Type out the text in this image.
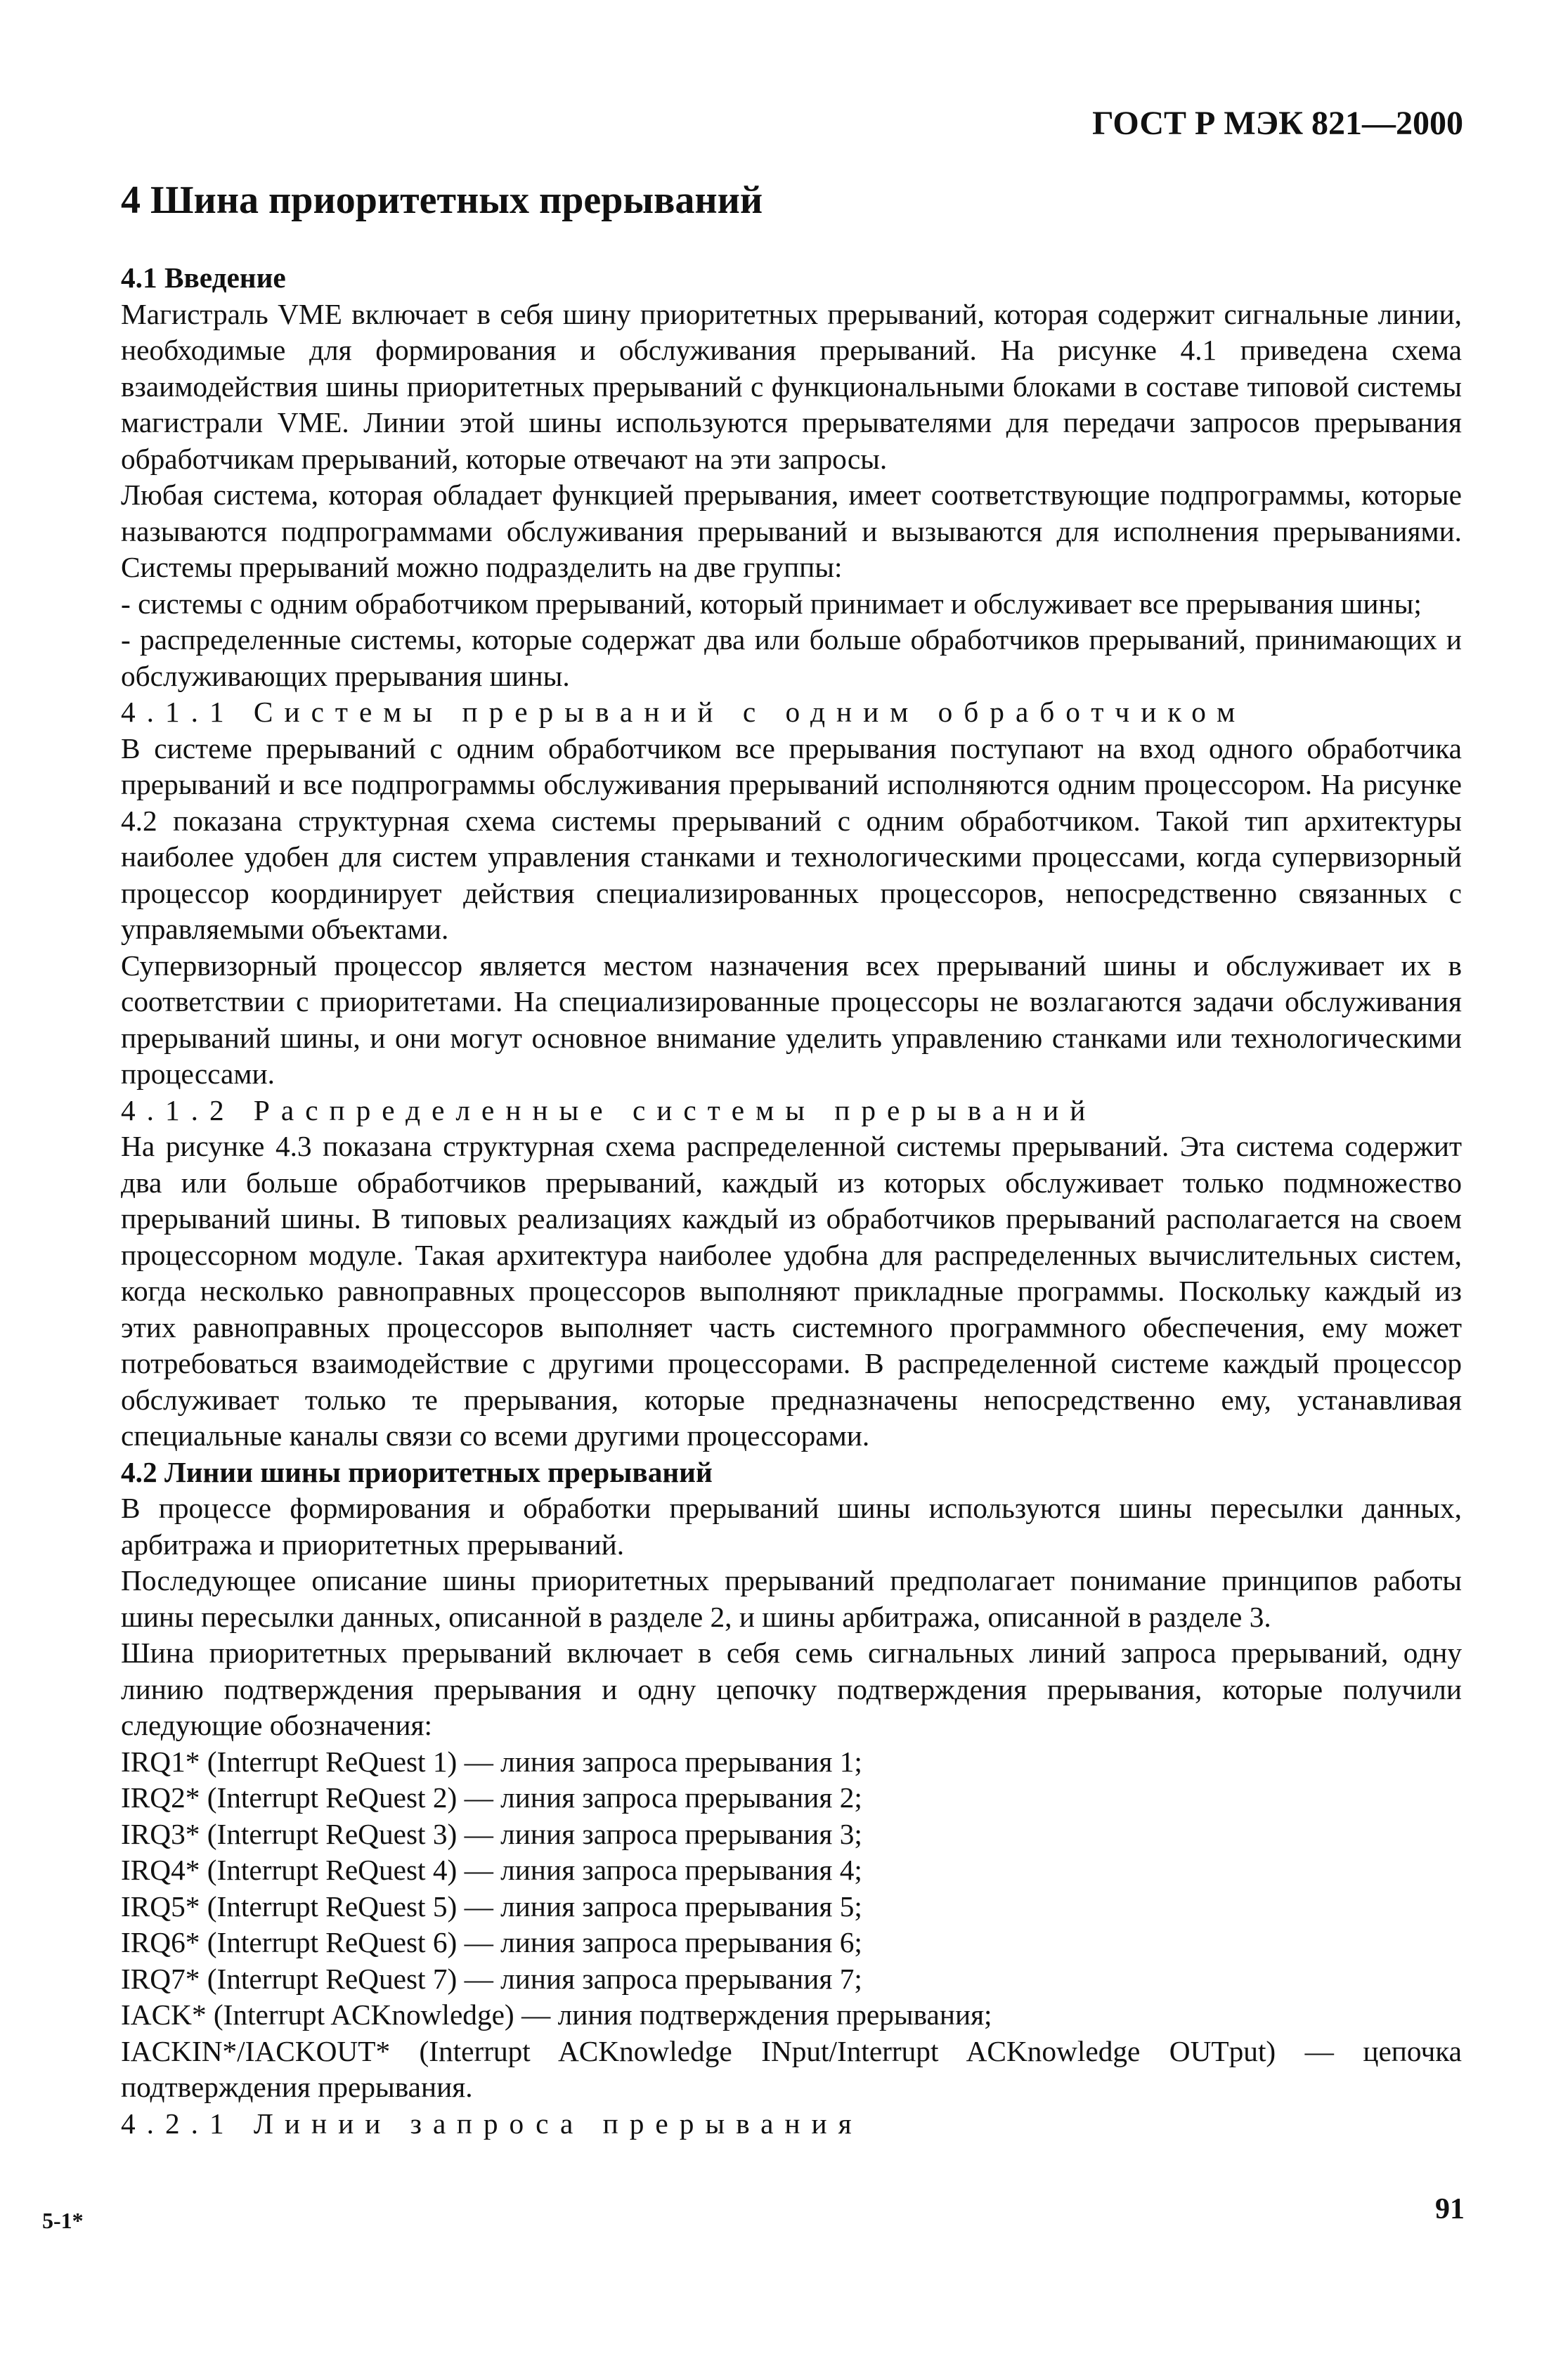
ГОСТ Р МЭК 821—2000
4 Шина приоритетных прерываний

4.1 Введение

Магистраль VME включает в себя шину приоритетных прерываний, которая содержит сигнальные линии, необходимые для формирования и обслуживания прерываний. На рисунке 4.1 приведена схема взаимодействия шины приоритетных прерываний с функциональными блоками в составе типовой системы магистрали VME. Линии этой шины используются прерывателями для передачи запросов прерывания обработчикам прерываний, которые отвечают на эти запросы.

Любая система, которая обладает функцией прерывания, имеет соответствующие подпрограммы, которые называются подпрограммами обслуживания прерываний и вызываются для исполнения прерываниями. Системы прерываний можно подразделить на две группы:

- системы с одним обработчиком прерываний, который принимает и обслуживает все прерывания шины;

- распределенные системы, которые содержат два или больше обработчиков прерываний, принимающих и обслуживающих прерывания шины.

4.1.1 Системы прерываний с одним обработчиком

В системе прерываний с одним обработчиком все прерывания поступают на вход одного обработчика прерываний и все подпрограммы обслуживания прерываний исполняются одним процессором. На рисунке 4.2 показана структурная схема системы прерываний с одним обработчиком. Такой тип архитектуры наиболее удобен для систем управления станками и технологическими процессами, когда супервизорный процессор координирует действия специализированных процессоров, непосредственно связанных с управляемыми объектами.

Супервизорный процессор является местом назначения всех прерываний шины и обслуживает их в соответствии с приоритетами. На специализированные процессоры не возлагаются задачи обслуживания прерываний шины, и они могут основное внимание уделить управлению станками или технологическими процессами.

4.1.2 Распределенные системы прерываний

На рисунке 4.3 показана структурная схема распределенной системы прерываний. Эта система содержит два или больше обработчиков прерываний, каждый из которых обслуживает только подмножество прерываний шины. В типовых реализациях каждый из обработчиков прерываний располагается на своем процессорном модуле. Такая архитектура наиболее удобна для распределенных вычислительных систем, когда несколько равноправных процессоров выполняют прикладные программы. Поскольку каждый из этих равноправных процессоров выполняет часть системного программного обеспечения, ему может потребоваться взаимодействие с другими процессорами. В распределенной системе каждый процессор обслуживает только те прерывания, которые предназначены непосредственно ему, устанавливая специальные каналы связи со всеми другими процессорами.

4.2 Линии шины приоритетных прерываний

В процессе формирования и обработки прерываний шины используются шины пересылки данных, арбитража и приоритетных прерываний.

Последующее описание шины приоритетных прерываний предполагает понимание принципов работы шины пересылки данных, описанной в разделе 2, и шины арбитража, описанной в разделе 3.

Шина приоритетных прерываний включает в себя семь сигнальных линий запроса прерываний, одну линию подтверждения прерывания и одну цепочку подтверждения прерывания, которые получили следующие обозначения:

IRQ1* (Interrupt ReQuest 1) — линия запроса прерывания 1;

IRQ2* (Interrupt ReQuest 2) — линия запроса прерывания 2;

IRQ3* (Interrupt ReQuest 3) — линия запроса прерывания 3;

IRQ4* (Interrupt ReQuest 4) — линия запроса прерывания 4;

IRQ5* (Interrupt ReQuest 5) — линия запроса прерывания 5;

IRQ6* (Interrupt ReQuest 6) — линия запроса прерывания 6;

IRQ7* (Interrupt ReQuest 7) — линия запроса прерывания 7;

IACK* (Interrupt ACKnowledge) — линия подтверждения прерывания;

IACKIN*/IACKOUT* (Interrupt ACKnowledge INput/Interrupt ACKnowledge OUTput) — цепочка подтверждения прерывания.

4.2.1 Линии запроса прерывания

5-1*	91
